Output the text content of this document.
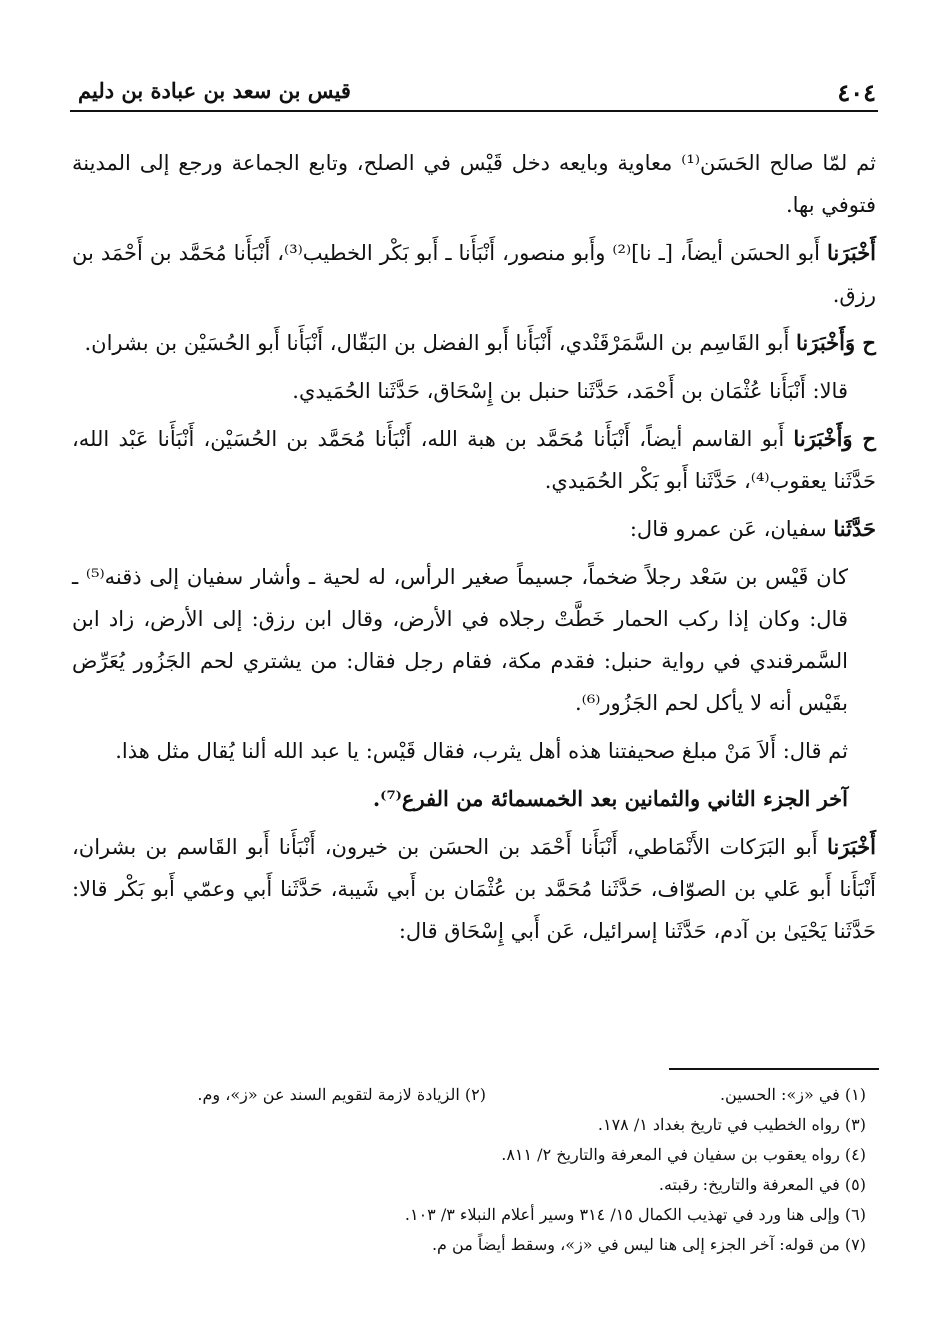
٤٠٤
قيس بن سعد بن عبادة بن دليم

ثم لمّا صالح الحَسَن⁽¹⁾ معاوية وبايعه دخل قَيْس في الصلح، وتابع الجماعة ورجع إلى المدينة فتوفي بها.

أَخْبَرَنا أَبو الحسَن أيضاً، [ـ نا]⁽²⁾ وأَبو منصور، أَنْبَأَنا ـ أَبو بَكْر الخطيب⁽³⁾، أَنْبَأَنا مُحَمَّد بن أَحْمَد بن رزق.

ح وَأَخْبَرَنا أَبو القَاسِم بن السَّمَرْقَنْدي، أَنْبَأَنا أَبو الفضل بن البَقّال، أَنْبَأَنا أَبو الحُسَيْن بن بشران.

قالا: أَنْبَأَنا عُثْمَان بن أَحْمَد، حَدَّثَنا حنبل بن إِسْحَاق، حَدَّثَنا الحُمَيدي.

ح وَأَخْبَرَنا أَبو القاسم أيضاً، أَنْبَأَنا مُحَمَّد بن هبة الله، أَنْبَأَنا مُحَمَّد بن الحُسَيْن، أَنْبَأَنا عَبْد الله، حَدَّثَنا يعقوب⁽⁴⁾، حَدَّثَنا أَبو بَكْر الحُمَيدي.

حَدَّثَنا سفيان، عَن عمرو قال:

كان قَيْس بن سَعْد رجلاً ضخماً، جسيماً صغير الرأس، له لحية ـ وأشار سفيان إلى ذقنه⁽⁵⁾ ـ قال: وكان إذا ركب الحمار خَطَّتْ رجلاه في الأرض، وقال ابن رزق: إلى الأرض، زاد ابن السَّمرقندي في رواية حنبل: فقدم مكة، فقام رجل فقال: من يشتري لحم الجَزُور يُعَرِّض بقَيْس أنه لا يأكل لحم الجَزُور⁽⁶⁾.

ثم قال: أَلاَ مَنْ مبلغ صحيفتنا هذه أهل يثرب، فقال قَيْس: يا عبد الله ألنا يُقال مثل هذا.

آخر الجزء الثاني والثمانين بعد الخمسمائة من الفرع⁽⁷⁾.

أَخْبَرَنا أَبو البَرَكات الأَنْمَاطي، أَنْبَأَنا أَحْمَد بن الحسَن بن خيرون، أَنْبَأَنا أَبو القَاسم بن بشران، أَنْبَأَنا أَبو عَلي بن الصوّاف، حَدَّثَنا مُحَمَّد بن عُثْمَان بن أَبي شَيبة، حَدَّثَنا أَبي وعمّي أَبو بَكْر قالا: حَدَّثَنا يَحْيَىٰ بن آدم، حَدَّثَنا إسرائيل، عَن أَبي إِسْحَاق قال:

(١) في «ز»: الحسين.
(٢) الزيادة لازمة لتقويم السند عن «ز»، وم.
(٣) رواه الخطيب في تاريخ بغداد ١/ ١٧٨.
(٤) رواه يعقوب بن سفيان في المعرفة والتاريخ ٢/ ٨١١.
(٥) في المعرفة والتاريخ: رقبته.
(٦) وإلى هنا ورد في تهذيب الكمال ١٥/ ٣١٤ وسير أعلام النبلاء ٣/ ١٠٣.
(٧) من قوله: آخر الجزء إلى هنا ليس في «ز»، وسقط أيضاً من م.
